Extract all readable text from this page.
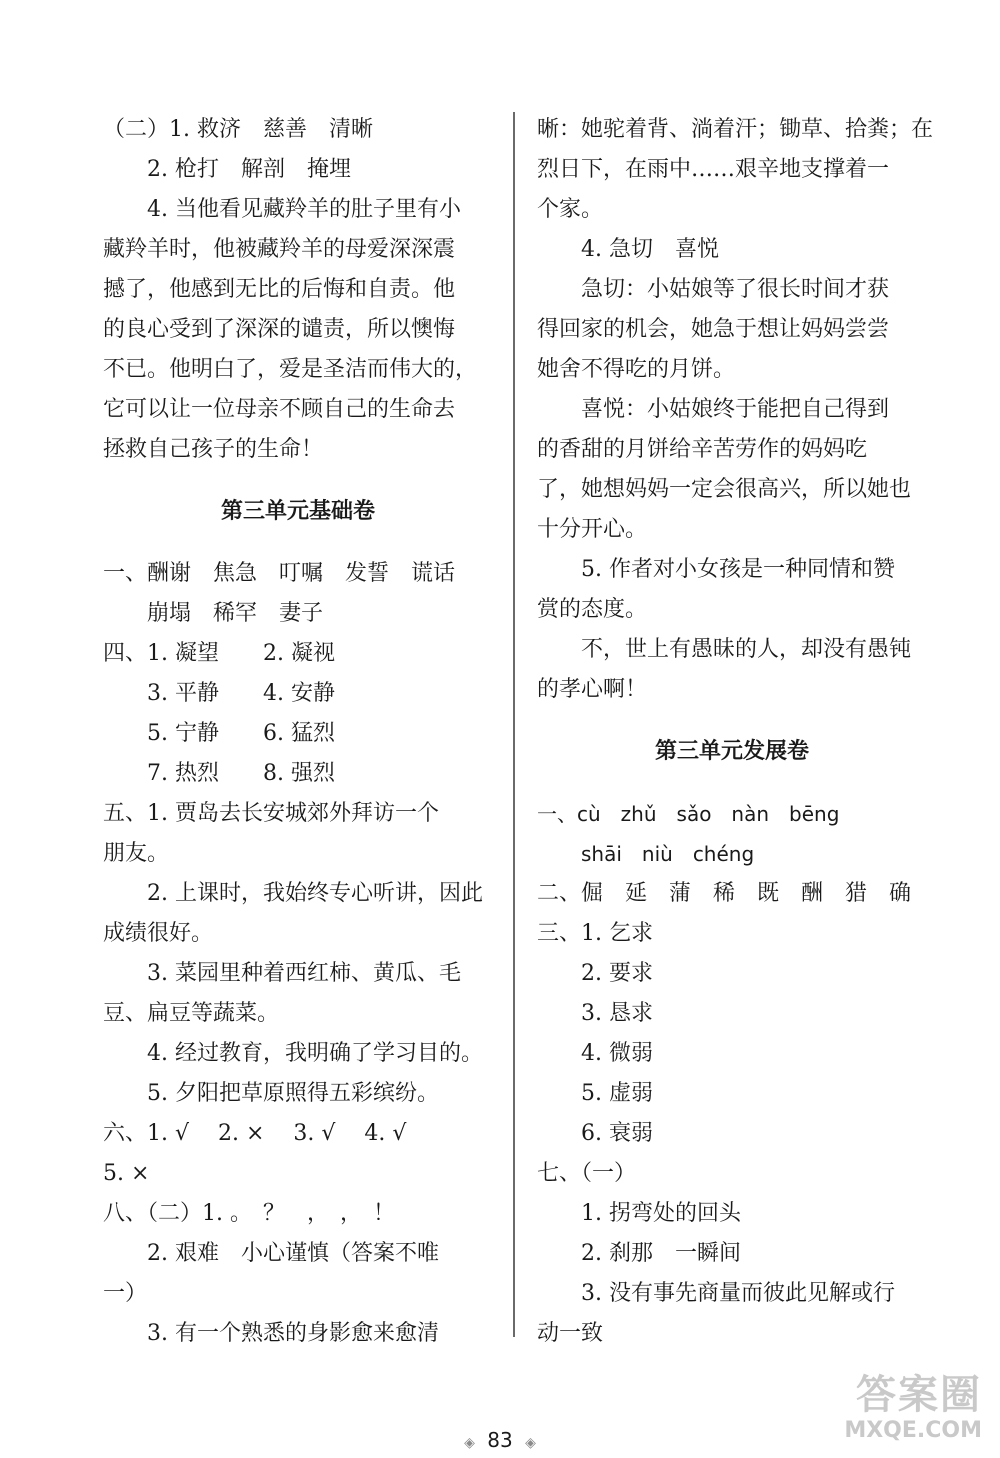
（二）1. 救济　慈善　清晰
2. 枪打　解剖　掩埋
4. 当他看见藏羚羊的肚子里有小
藏羚羊时，他被藏羚羊的母爱深深震
撼了，他感到无比的后悔和自责。他
的良心受到了深深的谴责，所以懊悔
不已。他明白了，爱是圣洁而伟大的，
它可以让一位母亲不顾自己的生命去
拯救自己孩子的生命！
第三单元基础卷
一、酬谢　焦急　叮嘱　发誓　谎话
崩塌　稀罕　妻子
四、1. 凝望　　2. 凝视
3. 平静　　4. 安静
5. 宁静　　6. 猛烈
7. 热烈　　8. 强烈
五、1. 贾岛去长安城郊外拜访一个
朋友。
2. 上课时，我始终专心听讲，因此
成绩很好。
3. 菜园里种着西红柿、黄瓜、毛
豆、扁豆等蔬菜。
4. 经过教育，我明确了学习目的。
5. 夕阳把草原照得五彩缤纷。
六、1. √　 2. ×　 3. √　 4. √
5. ×
八、（二）1. 。　？　，　，　！
2. 艰难　小心谨慎（答案不唯
一）
3. 有一个熟悉的身影愈来愈清
晰：她驼着背、淌着汗；锄草、拾粪；在
烈日下，在雨中……艰辛地支撑着一
个家。
4. 急切　喜悦
急切：小姑娘等了很长时间才获
得回家的机会，她急于想让妈妈尝尝
她舍不得吃的月饼。
喜悦：小姑娘终于能把自己得到
的香甜的月饼给辛苦劳作的妈妈吃
了，她想妈妈一定会很高兴，所以她也
十分开心。
5. 作者对小女孩是一种同情和赞
赏的态度。
不，世上有愚昧的人，却没有愚钝
的孝心啊！
第三单元发展卷
一、cù　zhǔ　sǎo　nàn　bēng
shāi　niù　chéng
二、倔　延　蒲　稀　既　酬　猎　确
三、1. 乞求
2. 要求
3. 恳求
4. 微弱
5. 虚弱
6. 衰弱
七、（一）
1. 拐弯处的回头
2. 刹那　一瞬间
3. 没有事先商量而彼此见解或行
动一致
◈ 83 ◈
答案圈
MXQE.COM
